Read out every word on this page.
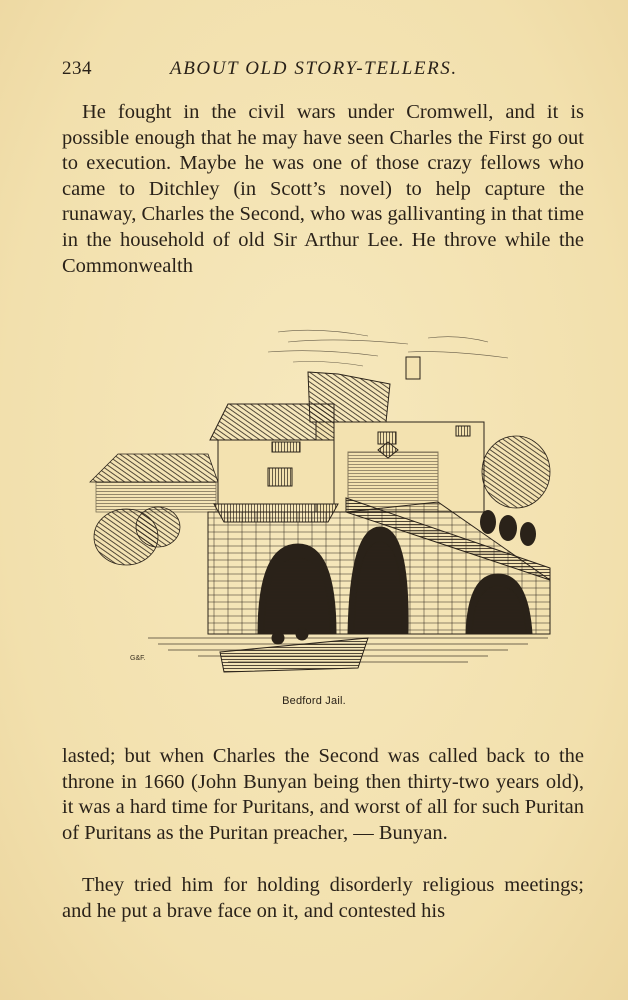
234	ABOUT OLD STORY-TELLERS.

He fought in the civil wars under Cromwell, and it is possible enough that he may have seen Charles the First go out to execution. Maybe he was one of those crazy fellows who came to Ditchley (in Scott’s novel) to help capture the runaway, Charles the Second, who was gallivanting in that time in the household of old Sir Arthur Lee. He throve while the Commonwealth

G&F.
Bedford Jail.

lasted; but when Charles the Second was called back to the throne in 1660 (John Bunyan being then thirty-two years old), it was a hard time for Puritans, and worst of all for such Puritan of Puritans as the Puritan preacher, — Bunyan.

They tried him for holding disorderly religious meetings; and he put a brave face on it, and contested his
